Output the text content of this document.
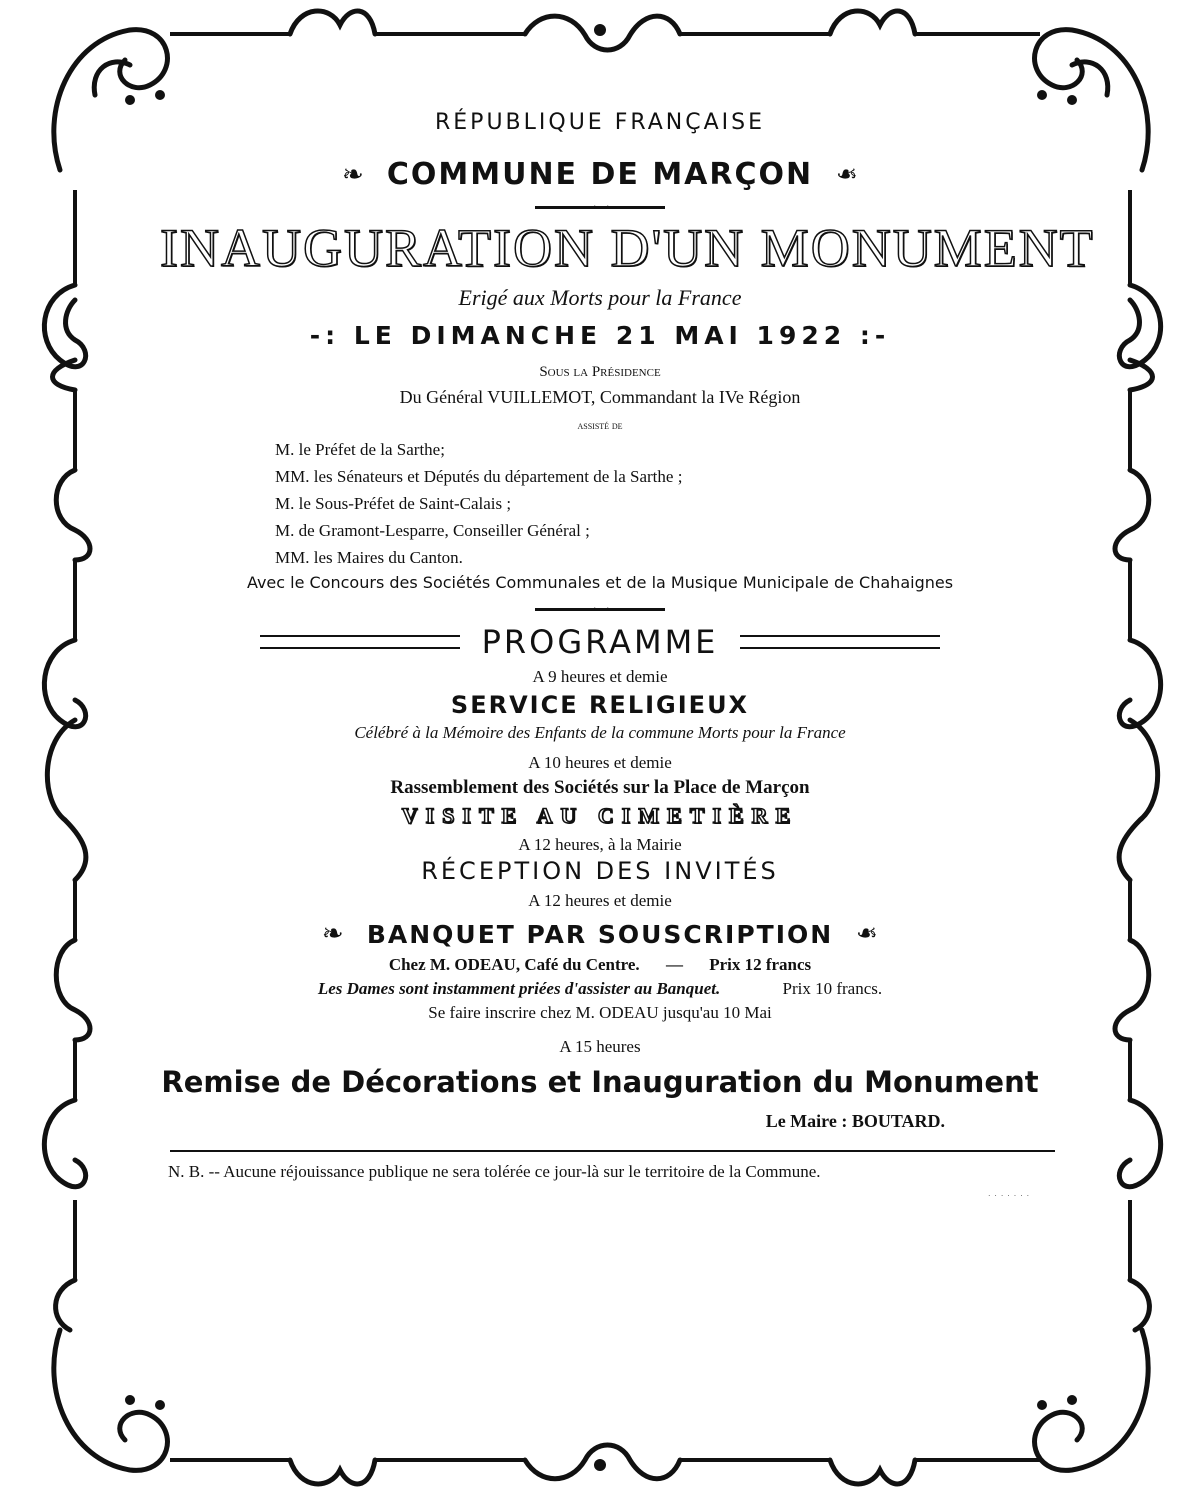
RÉPUBLIQUE FRANÇAISE
❧ COMMUNE DE MARÇON ❧
· ·
INAUGURATION D'UN MONUMENT
Erigé aux Morts pour la France
-: LE DIMANCHE 21 MAI 1922 :-
Sous la Présidence
Du Général VUILLEMOT, Commandant la IVe Région
assisté de
M. le Préfet de la Sarthe;
MM. les Sénateurs et Députés du département de la Sarthe ;
M. le Sous-Préfet de Saint-Calais ;
M. de Gramont-Lesparre, Conseiller Général ;
MM. les Maires du Canton.
Avec le Concours des Sociétés Communales et de la Musique Municipale de Chahaignes
· ·
PROGRAMME
A 9 heures et demie
SERVICE RELIGIEUX
Célébré à la Mémoire des Enfants de la commune Morts pour la France
A 10 heures et demie
Rassemblement des Sociétés sur la Place de Marçon
VISITE AU CIMETIÈRE
A 12 heures, à la Mairie
RÉCEPTION DES INVITÉS
A 12 heures et demie
❧ BANQUET PAR SOUSCRIPTION ❧
Chez M. ODEAU, Café du Centre. — Prix 12 francs
Les Dames sont instamment priées d'assister au Banquet.	Prix 10 francs.
Se faire inscrire chez M. ODEAU jusqu'au 10 Mai
A 15 heures
Remise de Décorations et Inauguration du Monument
Le Maire : BOUTARD.
N. B. -- Aucune réjouissance publique ne sera tolérée ce jour-là sur le territoire de la Commune.
· · · · · · ·
